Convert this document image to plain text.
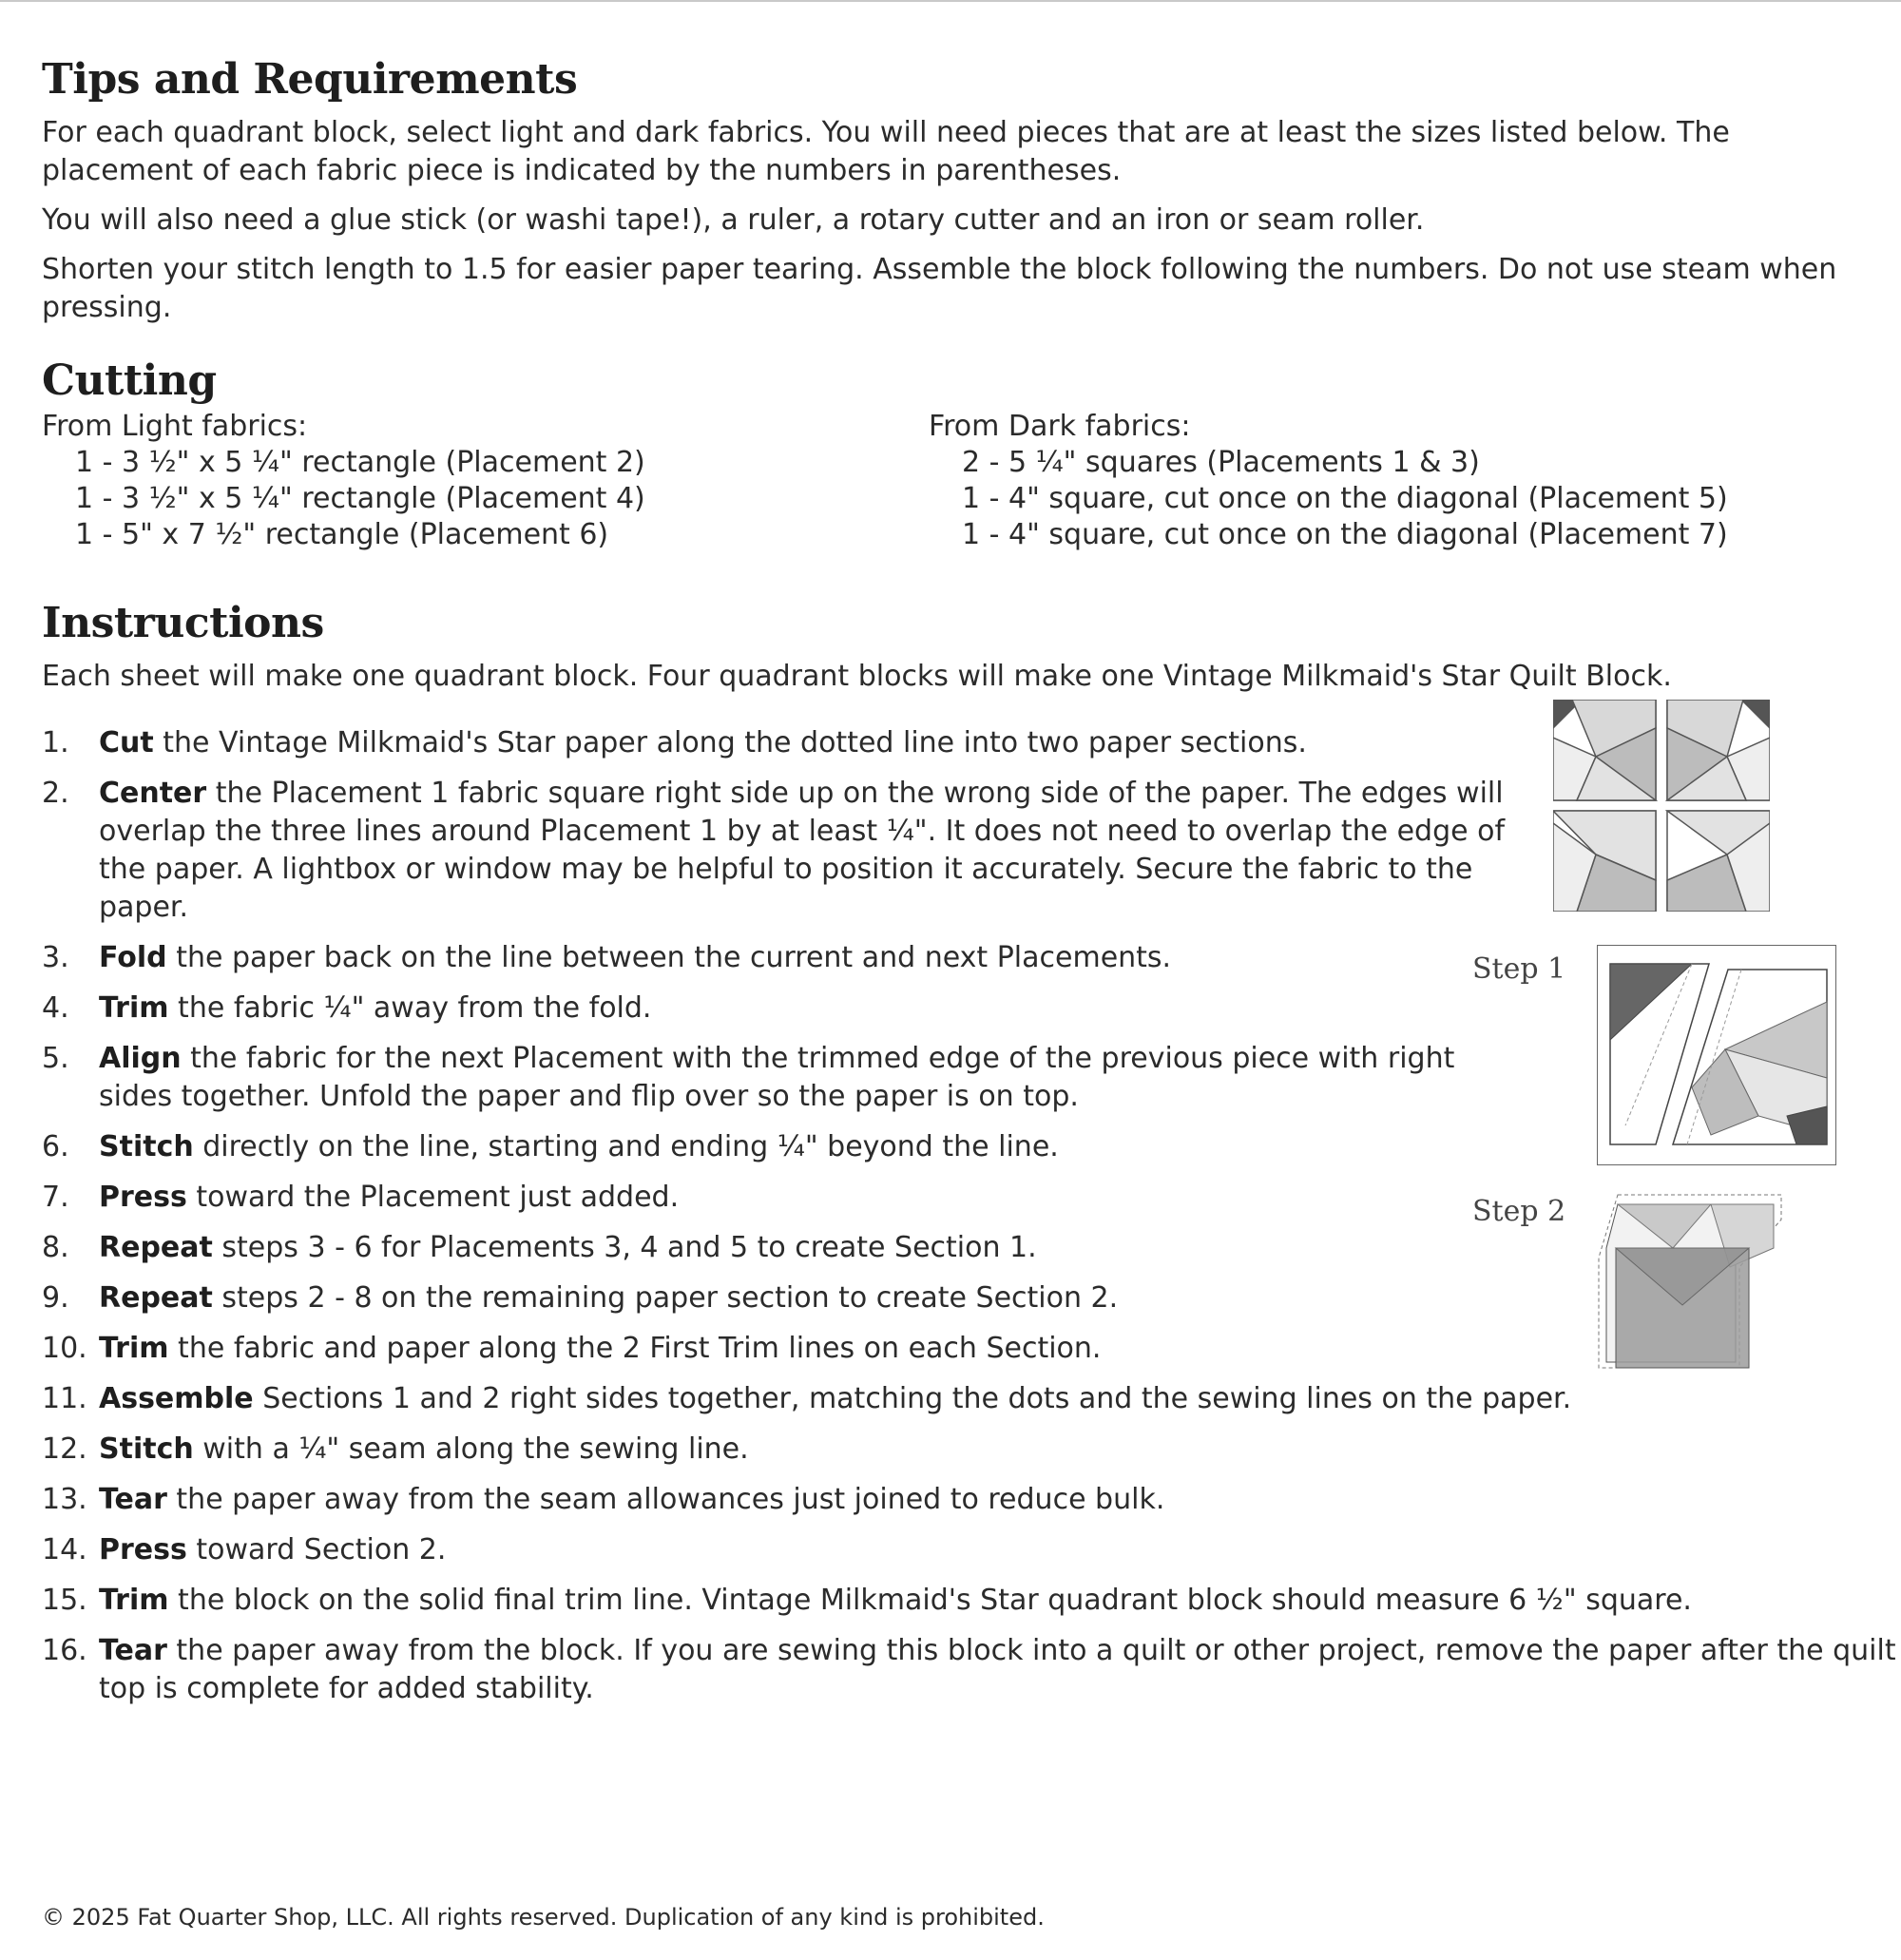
Tips and Requirements

For each quadrant block, select light and dark fabrics. You will need pieces that are at least the sizes listed below. The placement of each fabric piece is indicated by the numbers in parentheses.

You will also need a glue stick (or washi tape!), a ruler, a rotary cutter and an iron or seam roller.

Shorten your stitch length to 1.5 for easier paper tearing. Assemble the block following the numbers. Do not use steam when pressing.

Cutting

From Light fabrics:

1 - 3 ½" x 5 ¼" rectangle (Placement 2)

1 - 3 ½" x 5 ¼" rectangle (Placement 4)

1 - 5" x 7 ½" rectangle (Placement 6)

From Dark fabrics:

2 - 5 ¼" squares (Placements 1 & 3)

1 - 4" square, cut once on the diagonal (Placement 5)

1 - 4" square, cut once on the diagonal (Placement 7)

Instructions

Each sheet will make one quadrant block. Four quadrant blocks will make one Vintage Milkmaid's Star Quilt Block.

1. Cut the Vintage Milkmaid's Star paper along the dotted line into two paper sections.
2. Center the Placement 1 fabric square right side up on the wrong side of the paper. The edges will overlap the three lines around Placement 1 by at least ¼". It does not need to overlap the edge of the paper. A lightbox or window may be helpful to position it accurately. Secure the fabric to the paper.
3. Fold the paper back on the line between the current and next Placements.
4. Trim the fabric ¼" away from the fold.
5. Align the fabric for the next Placement with the trimmed edge of the previous piece with right sides together. Unfold the paper and flip over so the paper is on top.
6. Stitch directly on the line, starting and ending ¼" beyond the line.
7. Press toward the Placement just added.
8. Repeat steps 3 - 6 for Placements 3, 4 and 5 to create Section 1.
9. Repeat steps 2 - 8 on the remaining paper section to create Section 2.
10. Trim the fabric and paper along the 2 First Trim lines on each Section.
11. Assemble Sections 1 and 2 right sides together, matching the dots and the sewing lines on the paper.
12. Stitch with a ¼" seam along the sewing line.
13. Tear the paper away from the seam allowances just joined to reduce bulk.
14. Press toward Section 2.
15. Trim the block on the solid final trim line. Vintage Milkmaid's Star quadrant block should measure 6 ½" square.
16. Tear the paper away from the block. If you are sewing this block into a quilt or other project, remove the paper after the quilt top is complete for added stability.
Step 1
Step 2

© 2025 Fat Quarter Shop, LLC. All rights reserved. Duplication of any kind is prohibited.
